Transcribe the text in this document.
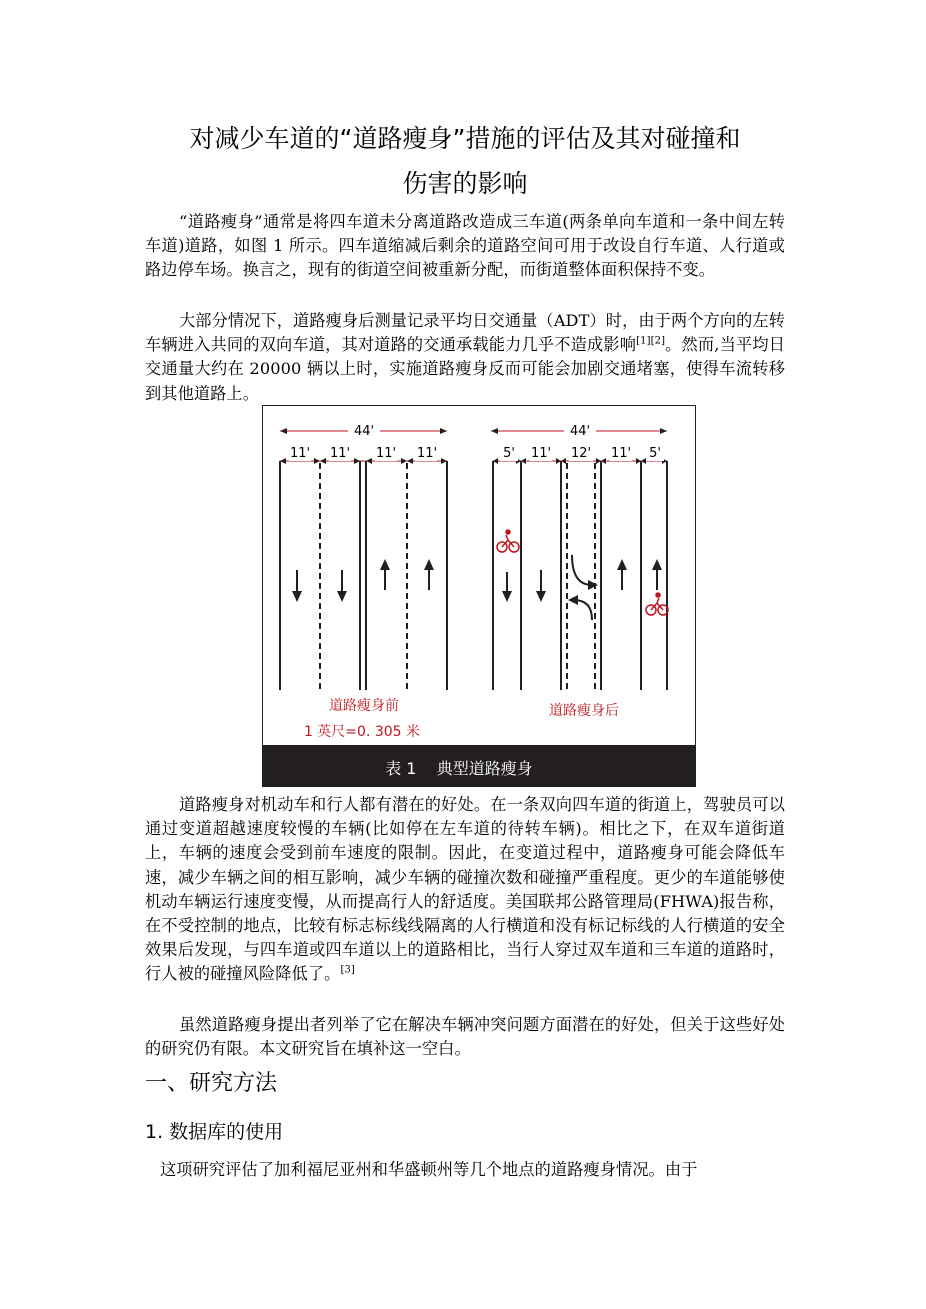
对减少车道的“道路瘦身”措施的评估及其对碰撞和
伤害的影响

“道路瘦身”通常是将四车道未分离道路改造成三车道(两条单向车道和一条中间左转车道)道路，如图 1 所示。四车道缩减后剩余的道路空间可用于改设自行车道、人行道或路边停车场。换言之，现有的街道空间被重新分配，而街道整体面积保持不变。

大部分情况下，道路瘦身后测量记录平均日交通量（ADT）时，由于两个方向的左转车辆进入共同的双向车道，其对道路的交通承载能力几乎不造成影响[1][2]。然而,当平均日交通量大约在 20000 辆以上时，实施道路瘦身反而可能会加剧交通堵塞，使得车流转移到其他道路上。

44'
11' 11' 11' 11'
44'
5' 11' 12' 11' 5'
道路瘦身前
1 英尺=0. 305 米
道路瘦身后
表 1    典型道路瘦身

道路瘦身对机动车和行人都有潜在的好处。在一条双向四车道的街道上，驾驶员可以通过变道超越速度较慢的车辆(比如停在左车道的待转车辆)。相比之下，在双车道街道上，车辆的速度会受到前车速度的限制。因此，在变道过程中，道路瘦身可能会降低车速，减少车辆之间的相互影响，减少车辆的碰撞次数和碰撞严重程度。更少的车道能够使机动车辆运行速度变慢，从而提高行人的舒适度。美国联邦公路管理局(FHWA)报告称，在不受控制的地点，比较有标志标线线隔离的人行横道和没有标记标线的人行横道的安全效果后发现，与四车道或四车道以上的道路相比，当行人穿过双车道和三车道的道路时，行人被的碰撞风险降低了。[3]

虽然道路瘦身提出者列举了它在解决车辆冲突问题方面潜在的好处，但关于这些好处的研究仍有限。本文研究旨在填补这一空白。

一、研究方法
1. 数据库的使用

这项研究评估了加利福尼亚州和华盛顿州等几个地点的道路瘦身情况。由于
